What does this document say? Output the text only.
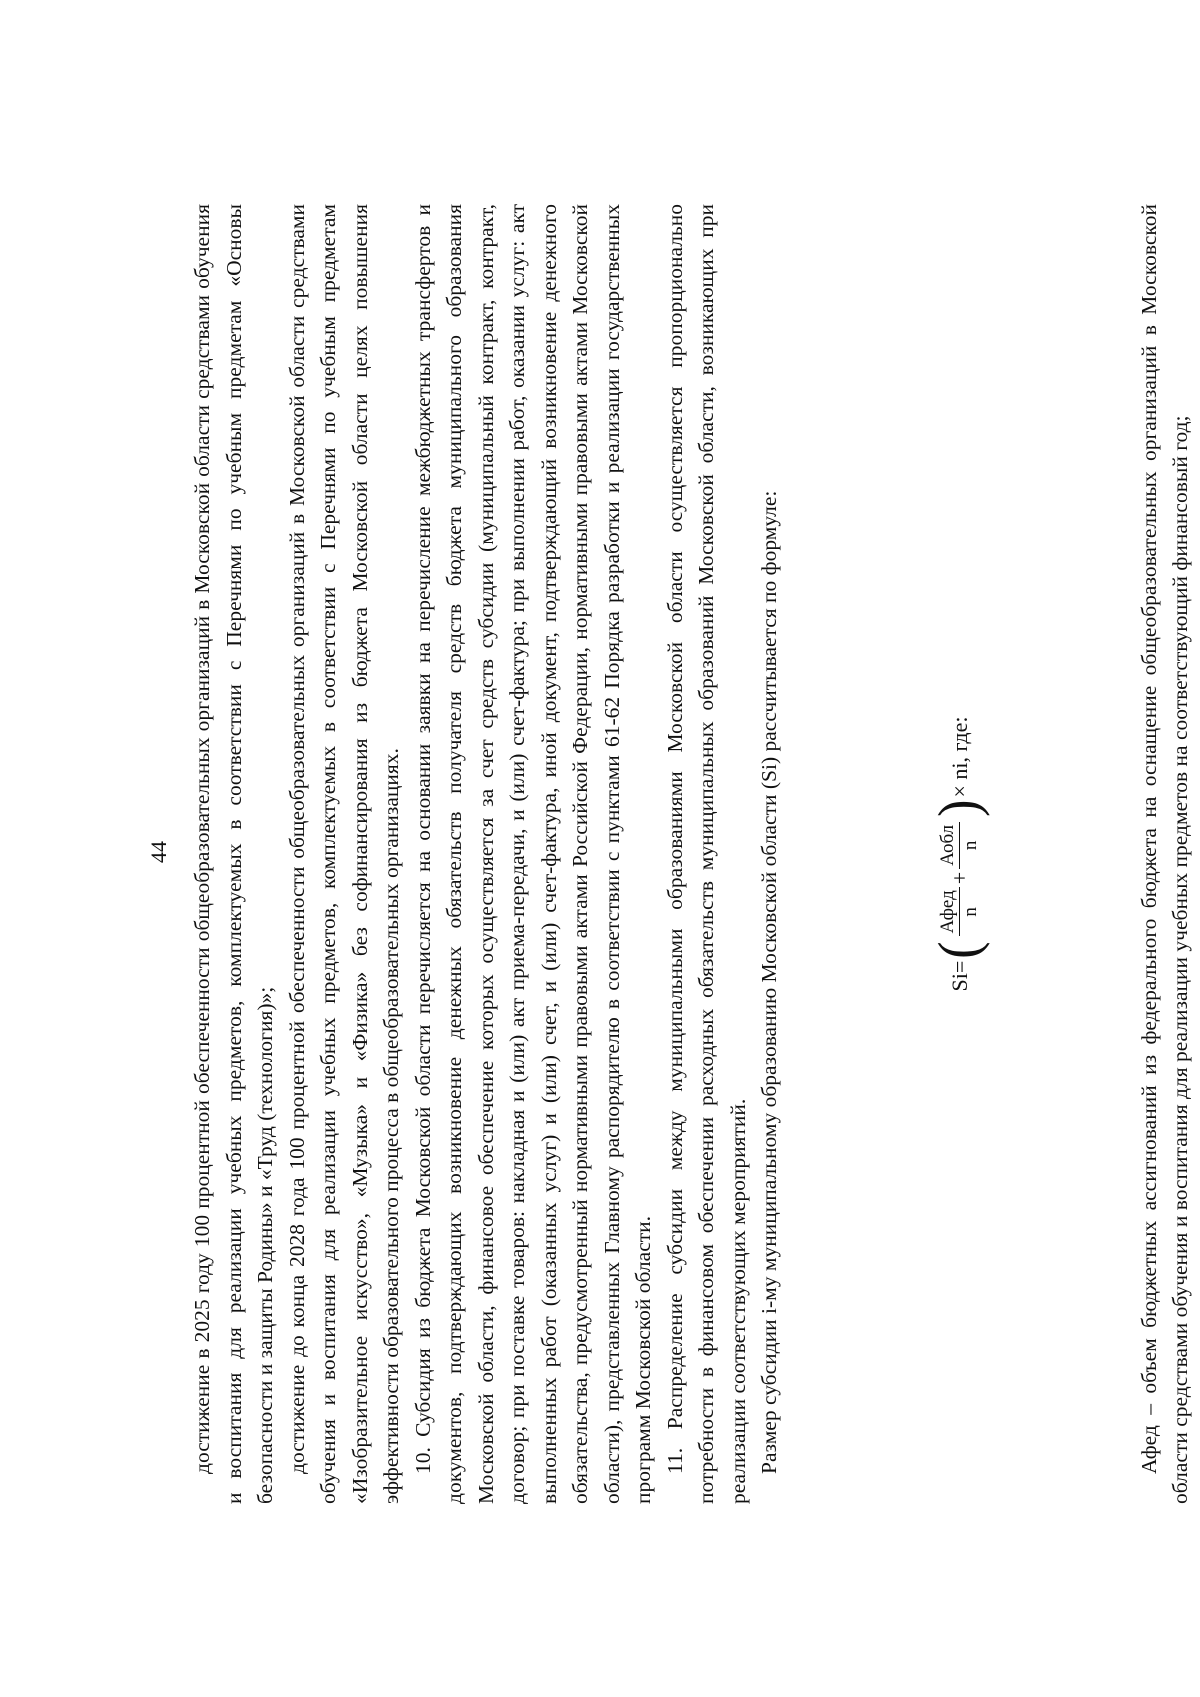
44 достижение в 2025 году 100 процентной обеспеченности общеобразовательных организаций в Московской области средствами обучения и воспитания для реализации учебных предметов, комплектуемых в соответствии с Перечнями по учебным предметам «Основы безопасности и защиты Родины» и «Труд (технология)»; достижение до конца 2028 года 100 процентной обеспеченности общеобразовательных организаций в Московской области средствами обучения и воспитания для реализации учебных предметов, комплектуемых в соответствии с Перечнями по учебным предметам «Изобразительное искусство», «Музыка» и «Физика» без софинансирования из бюджета Московской области целях повышения эффективности образовательного процесса в общеобразовательных организациях. 10. Субсидия из бюджета Московской области перечисляется на основании заявки на перечисление межбюджетных трансфертов и документов, подтверждающих возникновение денежных обязательств получателя средств бюджета муниципального образования Московской области, финансовое обеспечение которых осуществляется за счет средств субсидии (муниципальный контракт, контракт, договор; при поставке товаров: накладная и (или) акт приема-передачи, и (или) счет-фактура; при выполнении работ, оказании услуг: акт выполненных работ (оказанных услуг) и (или) счет, и (или) счет-фактура, иной документ, подтверждающий возникновение денежного обязательства, предусмотренный нормативными правовыми актами Российской Федерации, нормативными правовыми актами Московской области), представленных Главному распорядителю в соответствии с пунктами 61-62 Порядка разработки и реализации государственных программ Московской области. 11. Распределение субсидии между муниципальными образованиями Московской области осуществляется пропорционально потребности в финансовом обеспечении расходных обязательств муниципальных образований Московской области, возникающих при реализации соответствующих мероприятий. Размер субсидии i-му муниципальному образованию Московской области (Si) рассчитывается по формуле:	Si
=
(
Афед n
+
Аобл n
)
× ni, где:	Афед – объем бюджетных ассигнований из федерального бюджета на оснащение общеобразовательных организаций в Московской области средствами обучения и воспитания для реализации учебных предметов на соответствующий финансовый год;
